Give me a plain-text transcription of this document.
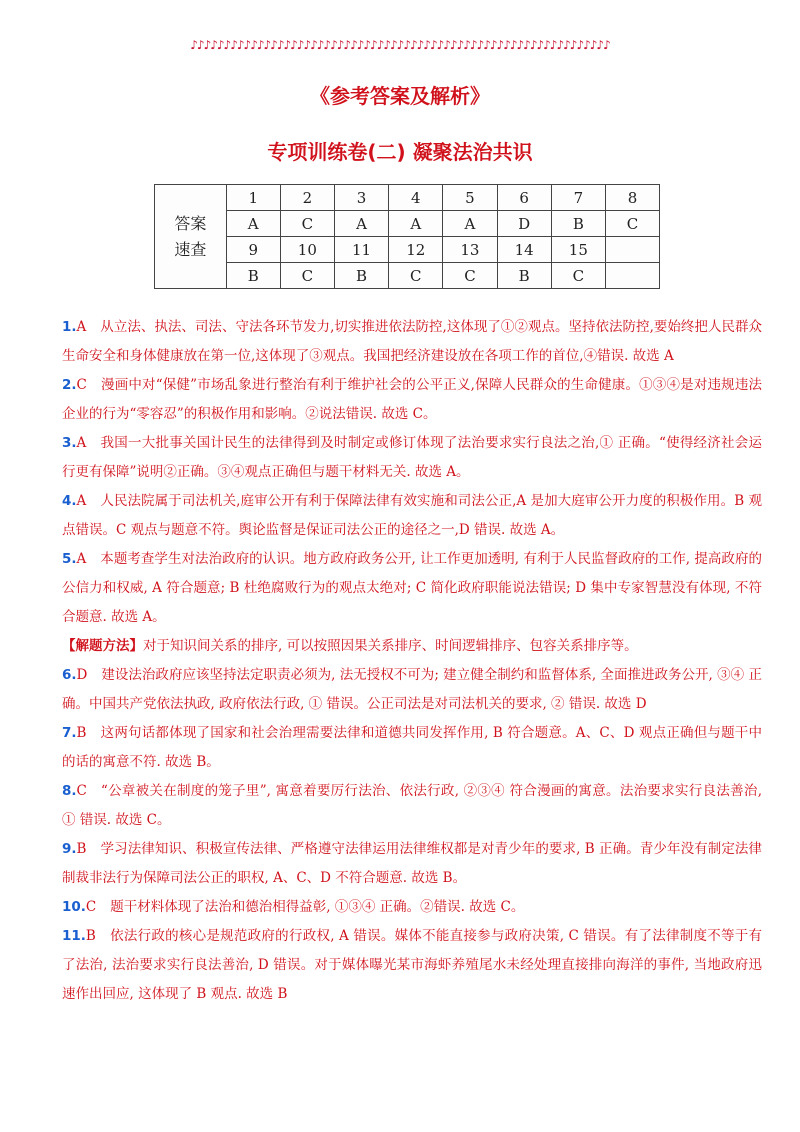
♪♪♪♪♪♪♪♪♪♪♪♪♪♪♪♪♪♪♪♪♪♪♪♪♪♪♪♪♪♪♪♪♪♪♪♪♪♪♪♪♪♪♪♪♪♪♪♪♪♪♪♪♪♪♪♪♪♪♪♪♪♪♪
《参考答案及解析》
专项训练卷(二) 凝聚法治共识
答案
速查	1	2	3	4	5	6	7	8
	A	C	A	A	A	D	B	C
	9	10	11	12	13	14	15	
	B	C	B	C	C	B	C	

1.A 从立法、执法、司法、守法各环节发力,切实推进依法防控,这体现了①②观点。坚持依法防控,要始终把人民群众生命安全和身体健康放在第一位,这体现了③观点。我国把经济建设放在各项工作的首位,④错误. 故选 A

2.C 漫画中对“保健”市场乱象进行整治有利于维护社会的公平正义,保障人民群众的生命健康。①③④是对违规违法企业的行为“零容忍”的积极作用和影响。②说法错误. 故选 C。

3.A 我国一大批事关国计民生的法律得到及时制定或修订体现了法治要求实行良法之治,① 正确。“使得经济社会运行更有保障”说明②正确。③④观点正确但与题干材料无关. 故选 A。

4.A 人民法院属于司法机关,庭审公开有利于保障法律有效实施和司法公正,A 是加大庭审公开力度的积极作用。B 观点错误。C 观点与题意不符。舆论监督是保证司法公正的途径之一,D 错误. 故选 A。

5.A 本题考查学生对法治政府的认识。地方政府政务公开, 让工作更加透明, 有利于人民监督政府的工作, 提高政府的公信力和权威, A 符合题意; B 杜绝腐败行为的观点太绝对; C 简化政府职能说法错误; D 集中专家智慧没有体现, 不符合题意. 故选 A。

【解题方法】对于知识间关系的排序, 可以按照因果关系排序、时间逻辑排序、包容关系排序等。

6.D 建设法治政府应该坚持法定职责必须为, 法无授权不可为; 建立健全制约和监督体系, 全面推进政务公开, ③④ 正确。中国共产党依法执政, 政府依法行政, ① 错误。公正司法是对司法机关的要求, ② 错误. 故选 D

7.B 这两句话都体现了国家和社会治理需要法律和道德共同发挥作用, B 符合题意。A、C、D 观点正确但与题干中的话的寓意不符. 故选 B。

8.C “公章被关在制度的笼子里”, 寓意着要厉行法治、依法行政, ②③④ 符合漫画的寓意。法治要求实行良法善治, ① 错误. 故选 C。

9.B 学习法律知识、积极宣传法律、严格遵守法律运用法律维权都是对青少年的要求, B 正确。青少年没有制定法律制裁非法行为保障司法公正的职权, A、C、D 不符合题意. 故选 B。

10.C 题干材料体现了法治和德治相得益彰, ①③④ 正确。②错误. 故选 C。

11.B 依法行政的核心是规范政府的行政权, A 错误。媒体不能直接参与政府决策, C 错误。有了法律制度不等于有了法治, 法治要求实行良法善治, D 错误。对于媒体曝光某市海虾养殖尾水未经处理直接排向海洋的事件, 当地政府迅速作出回应, 这体现了 B 观点. 故选 B
